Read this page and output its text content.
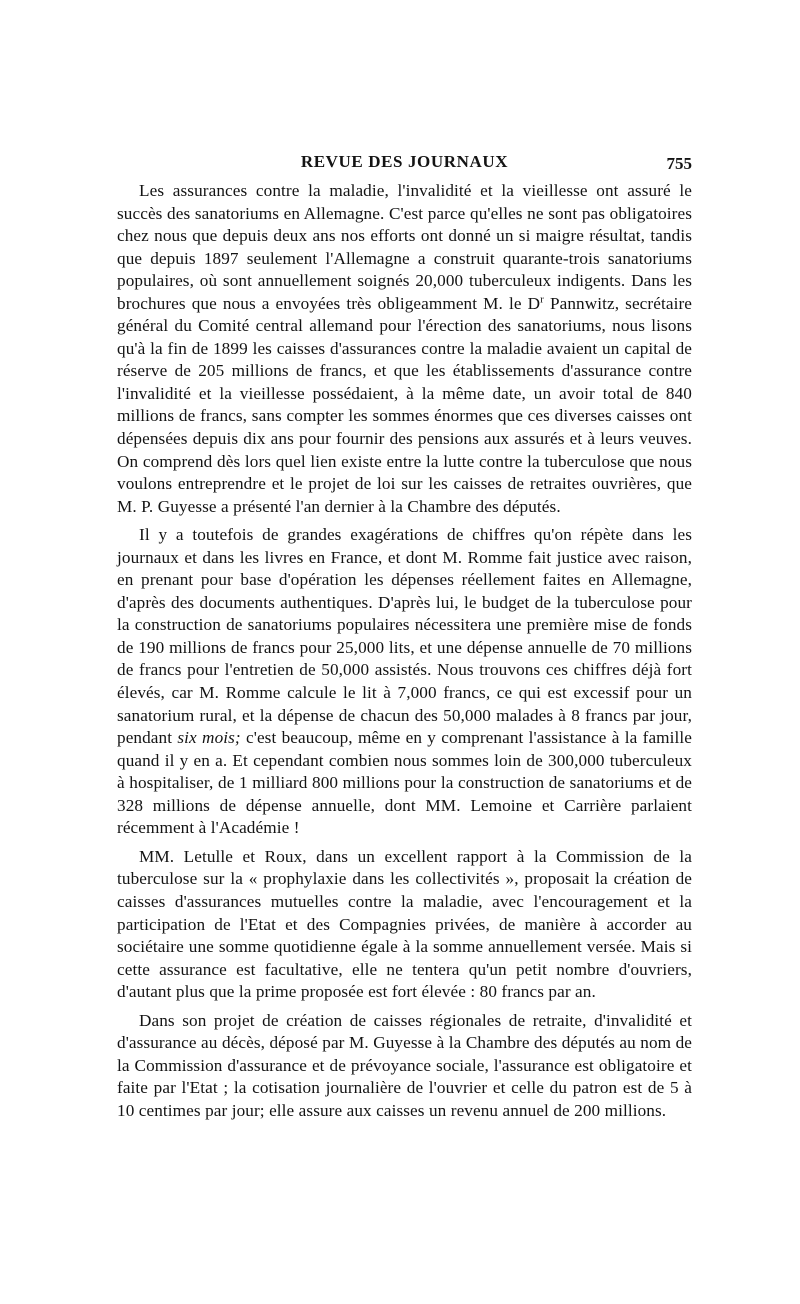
REVUE DES JOURNAUX	755

Les assurances contre la maladie, l'invalidité et la vieillesse ont assuré le succès des sanatoriums en Allemagne. C'est parce qu'elles ne sont pas obligatoires chez nous que depuis deux ans nos efforts ont donné un si maigre résultat, tandis que depuis 1897 seulement l'Allemagne a construit quarante-trois sanatoriums populaires, où sont annuellement soignés 20,000 tuberculeux indigents. Dans les brochures que nous a envoyées très obligeamment M. le $D^r$ Pannwitz, secrétaire général du Comité central allemand pour l'érection des sanatoriums, nous lisons qu'à la fin de 1899 les caisses d'assurances contre la maladie avaient un capital de réserve de 205 millions de francs, et que les établissements d'assurance contre l'invalidité et la vieillesse possédaient, à la même date, un avoir total de 840 millions de francs, sans compter les sommes énormes que ces diverses caisses ont dépensées depuis dix ans pour fournir des pensions aux assurés et à leurs veuves. On comprend dès lors quel lien existe entre la lutte contre la tuberculose que nous voulons entreprendre et le projet de loi sur les caisses de retraites ouvrières, que M. P. Guyesse a présenté l'an dernier à la Chambre des députés.

Il y a toutefois de grandes exagérations de chiffres qu'on répète dans les journaux et dans les livres en France, et dont M. Romme fait justice avec raison, en prenant pour base d'opération les dépenses réellement faites en Allemagne, d'après des documents authentiques. D'après lui, le budget de la tuberculose pour la construction de sanatoriums populaires nécessitera une première mise de fonds de 190 millions de francs pour 25,000 lits, et une dépense annuelle de 70 millions de francs pour l'entretien de 50,000 assistés. Nous trouvons ces chiffres déjà fort élevés, car M. Romme calcule le lit à 7,000 francs, ce qui est excessif pour un sanatorium rural, et la dépense de chacun des 50,000 malades à 8 francs par jour, pendant six mois; c'est beaucoup, même en y comprenant l'assistance à la famille quand il y en a. Et cependant combien nous sommes loin de 300,000 tuberculeux à hospitaliser, de 1 milliard 800 millions pour la construction de sanatoriums et de 328 millions de dépense annuelle, dont MM. Lemoine et Carrière parlaient récemment à l'Académie !

MM. Letulle et Roux, dans un excellent rapport à la Commission de la tuberculose sur la « prophylaxie dans les collectivités », proposait la création de caisses d'assurances mutuelles contre la maladie, avec l'encouragement et la participation de l'Etat et des Compagnies privées, de manière à accorder au sociétaire une somme quotidienne égale à la somme annuellement versée. Mais si cette assurance est facultative, elle ne tentera qu'un petit nombre d'ouvriers, d'autant plus que la prime proposée est fort élevée : 80 francs par an.

Dans son projet de création de caisses régionales de retraite, d'invalidité et d'assurance au décès, déposé par M. Guyesse à la Chambre des députés au nom de la Commission d'assurance et de prévoyance sociale, l'assurance est obligatoire et faite par l'Etat ; la cotisation journalière de l'ouvrier et celle du patron est de 5 à 10 centimes par jour; elle assure aux caisses un revenu annuel de 200 millions.
